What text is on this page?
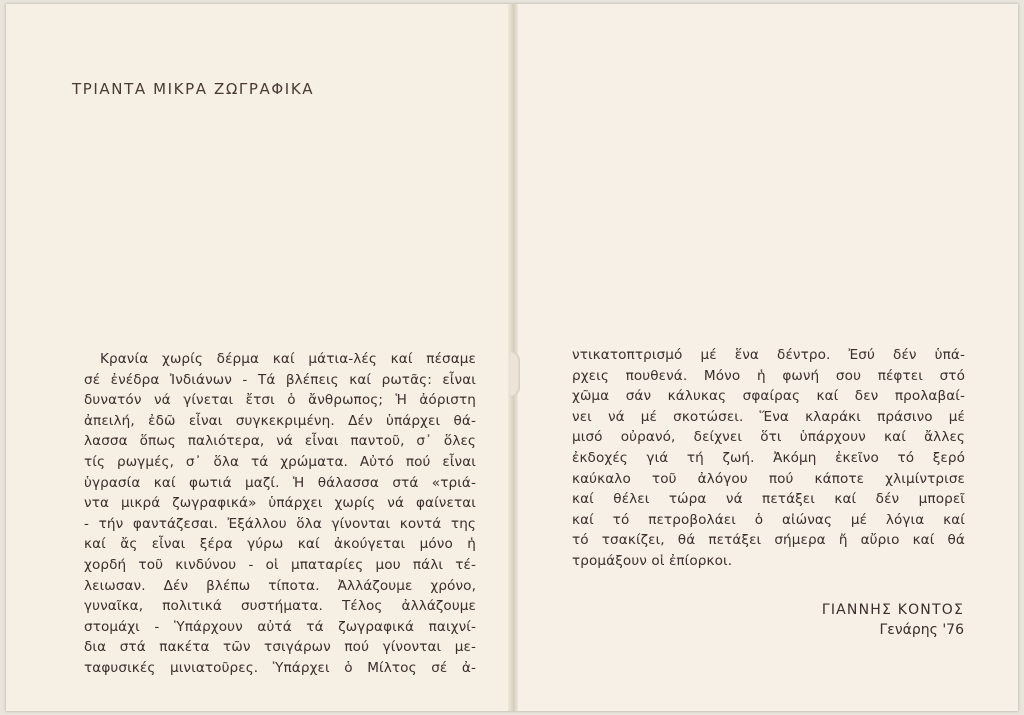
ΤΡΙΑΝΤΑ ΜΙΚΡΑ ΖΩΓΡΑΦΙΚΑ
Κρανία χωρίς δέρμα καί μάτια-λές καί πέσαμε
σέ ἐνέδρα Ἰνδιάνων - Τά βλέπεις καί ρωτᾶς: εἶναι
δυνατόν νά γίνεται ἔτσι ὁ ἄνθρωπος; Ἡ ἀόριστη
ἀπειλή, ἐδῶ εἶναι συγκεκριμένη. Δέν ὑπάρχει θά-
λασσα ὅπως παλιότερα, νά εἶναι παντοῦ, σ᾿ ὅλες
τίς ρωγμές, σ᾿ ὅλα τά χρώματα. Αὐτό πού εἶναι
ὑγρασία καί φωτιά μαζί. Ἡ θάλασσα στά «τριά-
ντα μικρά ζωγραφικά» ὑπάρχει χωρίς νά φαίνεται
- τήν φαντάζεσαι. Ἐξάλλου ὅλα γίνονται κοντά της
καί ἄς εἶναι ξέρα γύρω καί ἀκούγεται μόνο ἡ
χορδή τοῦ κινδύνου - οἱ μπαταρίες μου πάλι τέ-
λειωσαν. Δέν βλέπω τίποτα. Ἀλλάζουμε χρόνο,
γυναῖκα, πολιτικά συστήματα. Τέλος ἀλλάζουμε
στομάχι - Ὑπάρχουν αὐτά τά ζωγραφικά παιχνί-
δια στά πακέτα τῶν τσιγάρων πού γίνονται με-
ταφυσικές μινιατοῦρες. Ὑπάρχει ὁ Μίλτος σέ ἀ-
ντικατοπτρισμό μέ ἕνα δέντρο. Ἐσύ δέν ὑπά-
ρχεις πουθενά. Μόνο ἡ φωνή σου πέφτει στό
χῶμα σάν κάλυκας σφαίρας καί δεν προλαβαί-
νει νά μέ σκοτώσει. Ἕνα κλαράκι πράσινο μέ
μισό οὐρανό, δείχνει ὅτι ὑπάρχουν καί ἄλλες
ἐκδοχές γιά τή ζωή. Ἀκόμη ἐκεῖνο τό ξερό
καύκαλο τοῦ ἀλόγου πού κάποτε χλιμίντρισε
καί θέλει τώρα νά πετάξει καί δέν μπορεῖ
καί τό πετροβολάει ὁ αἰώνας μέ λόγια καί
τό τσακίζει, θά πετάξει σήμερα ἤ αὔριο καί θά
τρομάξουν οἱ ἐπίορκοι.
ΓΙΑΝΝΗΣ ΚΟΝΤΟΣ
Γενάρης '76
